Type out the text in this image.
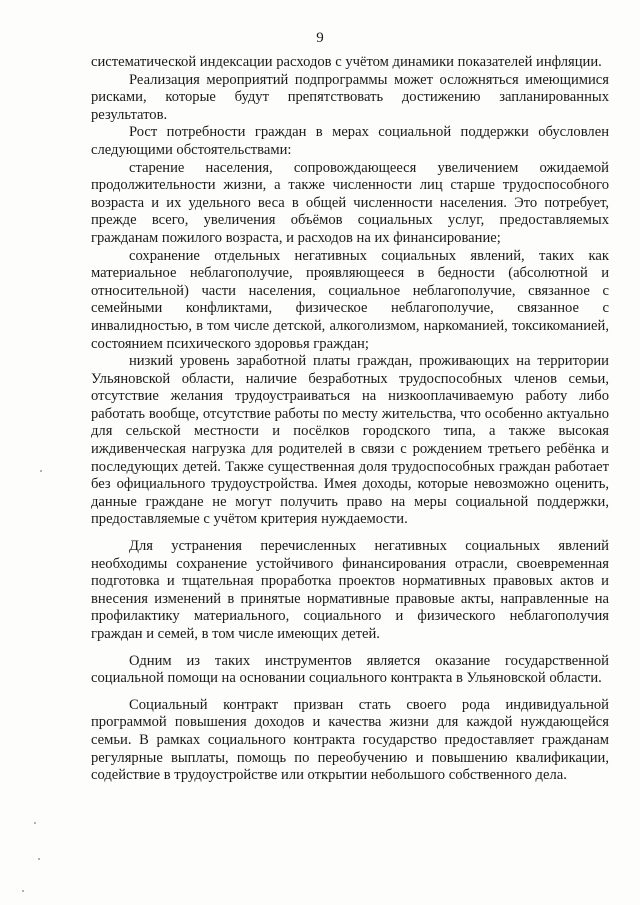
9

систематической индексации расходов с учётом динамики показателей инфляции.

Реализация мероприятий подпрограммы может осложняться имеющимися рисками, которые будут препятствовать достижению запланированных результатов.

Рост потребности граждан в мерах социальной поддержки обусловлен следующими обстоятельствами:

старение населения, сопровождающееся увеличением ожидаемой продолжительности жизни, а также численности лиц старше трудоспособного возраста и их удельного веса в общей численности населения. Это потребует, прежде всего, увеличения объёмов социальных услуг, предоставляемых гражданам пожилого возраста, и расходов на их финансирование;

сохранение отдельных негативных социальных явлений, таких как материальное неблагополучие, проявляющееся в бедности (абсолютной и относительной) части населения, социальное неблагополучие, связанное с семейными конфликтами, физическое неблагополучие, связанное с инвалидностью, в том числе детской, алкоголизмом, наркоманией, токсикоманией, состоянием психического здоровья граждан;

низкий уровень заработной платы граждан, проживающих на территории Ульяновской области, наличие безработных трудоспособных членов семьи, отсутствие желания трудоустраиваться на низкооплачиваемую работу либо работать вообще, отсутствие работы по месту жительства, что особенно актуально для сельской местности и посёлков городского типа, а также высокая иждивенческая нагрузка для родителей в связи с рождением третьего ребёнка и последующих детей. Также существенная доля трудоспособных граждан работает без официального трудоустройства. Имея доходы, которые невозможно оценить, данные граждане не могут получить право на меры социальной поддержки, предоставляемые с учётом критерия нуждаемости.

Для устранения перечисленных негативных социальных явлений необходимы сохранение устойчивого финансирования отрасли, своевременная подготовка и тщательная проработка проектов нормативных правовых актов и внесения изменений в принятые нормативные правовые акты, направленные на профилактику материального, социального и физического неблагополучия граждан и семей, в том числе имеющих детей.

Одним из таких инструментов является оказание государственной социальной помощи на основании социального контракта в Ульяновской области.

Социальный контракт призван стать своего рода индивидуальной программой повышения доходов и качества жизни для каждой нуждающейся семьи. В рамках социального контракта государство предоставляет гражданам регулярные выплаты, помощь по переобучению и повышению квалификации, содействие в трудоустройстве или открытии небольшого собственного дела.
